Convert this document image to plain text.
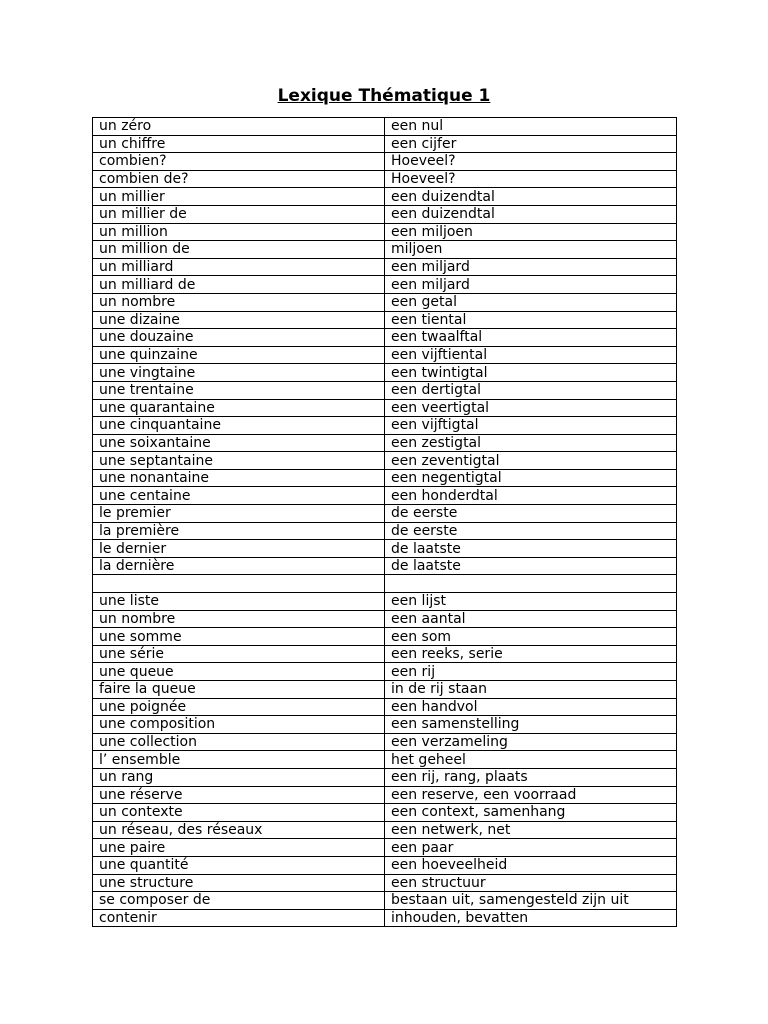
Lexique Thématique 1
un zéro	een nul
un chiffre	een cijfer
combien?	Hoeveel?
combien de?	Hoeveel?
un millier	een duizendtal
un millier de	een duizendtal
un million	een miljoen
un million de	miljoen
un milliard	een miljard
un milliard de	een miljard
un nombre	een getal
une dizaine	een tiental
une douzaine	een twaalftal
une quinzaine	een vijftiental
une vingtaine	een twintigtal
une trentaine	een dertigtal
une quarantaine	een veertigtal
une cinquantaine	een vijftigtal
une soixantaine	een zestigtal
une septantaine	een zeventigtal
une nonantaine	een negentigtal
une centaine	een honderdtal
le premier	de eerste
la première	de eerste
le dernier	de laatste
la dernière	de laatste

une liste	een lijst
un nombre	een aantal
une somme	een som
une série	een reeks, serie
une queue	een rij
faire la queue	in de rij staan
une poignée	een handvol
une composition	een samenstelling
une collection	een verzameling
l’ ensemble	het geheel
un rang	een rij, rang, plaats
une réserve	een reserve, een voorraad
un contexte	een context, samenhang
un réseau, des réseaux	een netwerk, net
une paire	een paar
une quantité	een hoeveelheid
une structure	een structuur
se composer de	bestaan uit, samengesteld zijn uit
contenir	inhouden, bevatten
